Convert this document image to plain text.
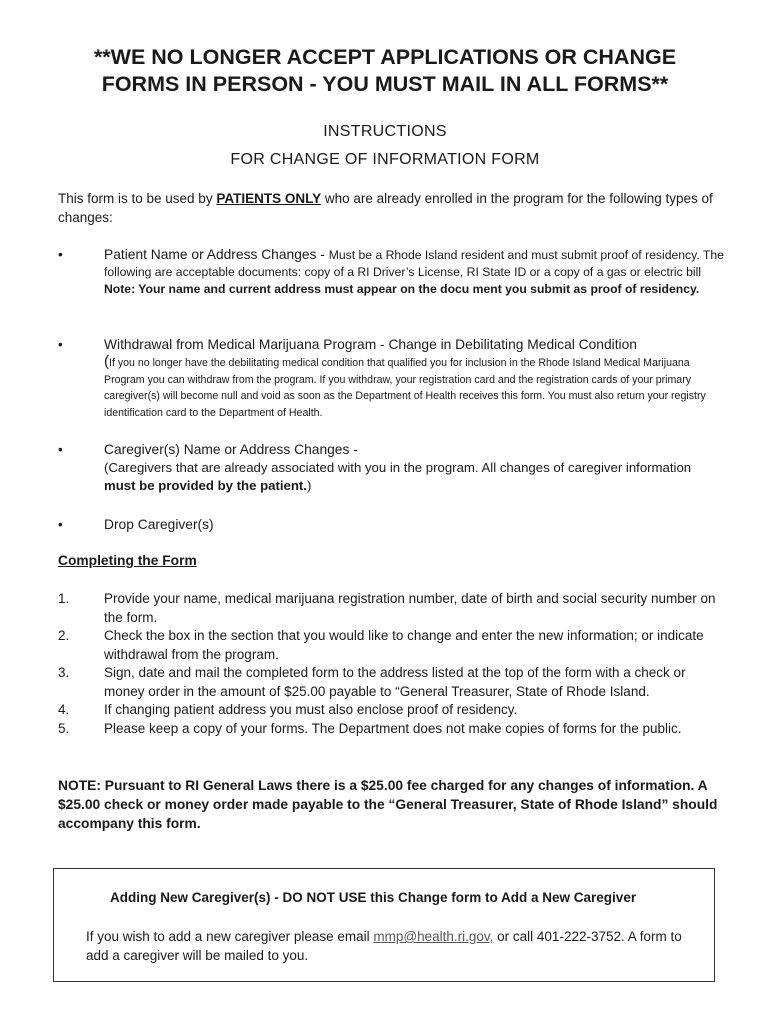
**WE NO LONGER ACCEPT APPLICATIONS OR CHANGE
FORMS IN PERSON - YOU MUST MAIL IN ALL FORMS**

INSTRUCTIONS

FOR CHANGE OF INFORMATION FORM

This form is to be used by PATIENTS ONLY who are already enrolled in the program for the following types of changes:

•	Patient Name or Address Changes - Must be a Rhode Island resident and must submit proof of residency. The following are acceptable documents: copy of a RI Driver’s License, RI State ID or a copy of a gas or electric bill Note: Your name and current address must appear on the docu ment you submit as proof of residency.

•	Withdrawal from Medical Marijuana Program - Change in Debilitating Medical Condition

(If you no longer have the debilitating medical condition that qualified you for inclusion in the Rhode Island Medical Marijuana Program you can withdraw from the program. If you withdraw, your registration card and the registration cards of your primary caregiver(s) will become null and void as soon as the Department of Health receives this form. You must also return your registry identification card to the Department of Health.

•	Caregiver(s) Name or Address Changes -

(Caregivers that are already associated with you in the program. All changes of caregiver information must be provided by the patient.)

•	Drop Caregiver(s)

Completing the Form

1.	Provide your name, medical marijuana registration number, date of birth and social security number on the form.
2.	Check the box in the section that you would like to change and enter the new information; or indicate withdrawal from the program.
3.	Sign, date and mail the completed form to the address listed at the top of the form with a check or money order in the amount of $25.00 payable to “General Treasurer, State of Rhode Island.
4.	If changing patient address you must also enclose proof of residency.
5.	Please keep a copy of your forms. The Department does not make copies of forms for the public.

NOTE: Pursuant to RI General Laws there is a $25.00 fee charged for any changes of information. A $25.00 check or money order made payable to the “General Treasurer, State of Rhode Island” should accompany this form.

Adding New Caregiver(s) - DO NOT USE this Change form to Add a New Caregiver

If you wish to add a new caregiver please email mmp@health.ri.gov, or call 401-222-3752. A form to add a caregiver will be mailed to you.
